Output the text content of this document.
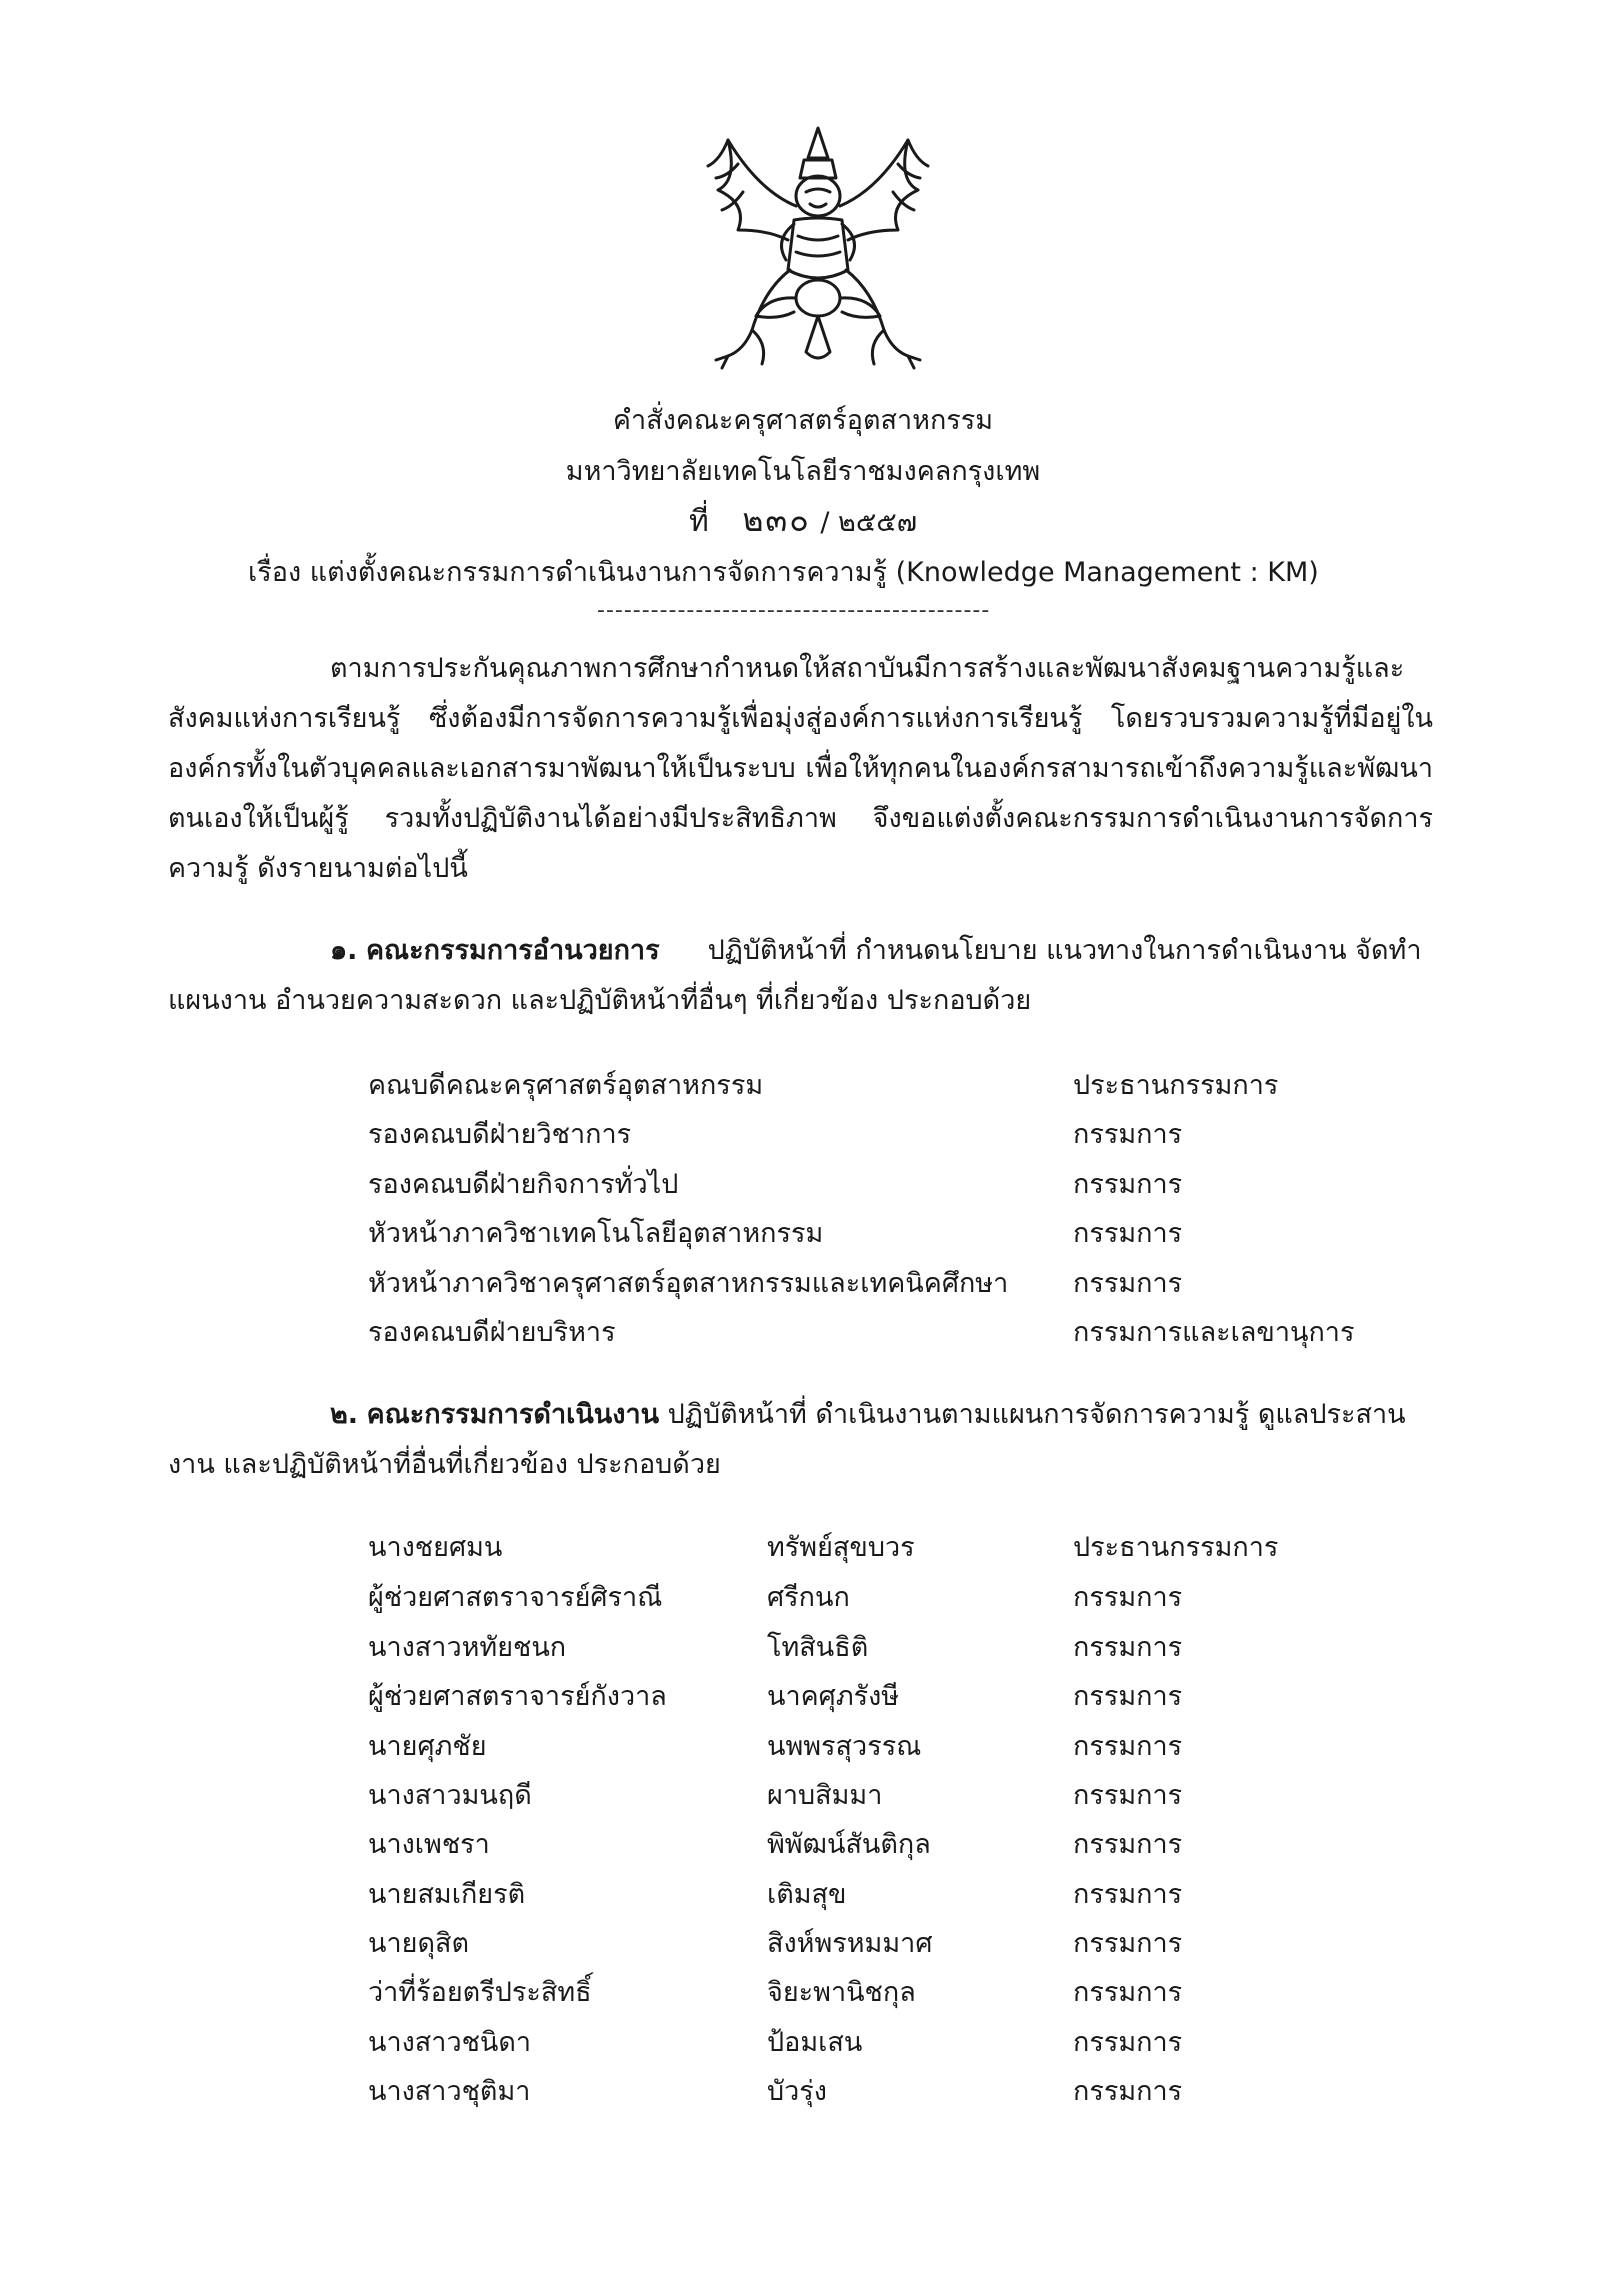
คำสั่งคณะครุศาสตร์อุตสาหกรรม
มหาวิทยาลัยเทคโนโลยีราชมงคลกรุงเทพ
ที่ ๒๓๐ / ๒๕๕๗
เรื่อง แต่งตั้งคณะกรรมการดำเนินงานการจัดการความรู้ (Knowledge Management : KM)
--------------------------------------------
ตามการประกันคุณภาพการศึกษากำหนดให้สถาบันมีการสร้างและพัฒนาสังคมฐานความรู้และสังคมแห่งการเรียนรู้ ซึ่งต้องมีการจัดการความรู้เพื่อมุ่งสู่องค์การแห่งการเรียนรู้ โดยรวบรวมความรู้ที่มีอยู่ในองค์กรทั้งในตัวบุคคลและเอกสารมาพัฒนาให้เป็นระบบ เพื่อให้ทุกคนในองค์กรสามารถเข้าถึงความรู้และพัฒนาตนเองให้เป็นผู้รู้ รวมทั้งปฏิบัติงานได้อย่างมีประสิทธิภาพ จึงขอแต่งตั้งคณะกรรมการดำเนินงานการจัดการความรู้ ดังรายนามต่อไปนี้
๑. คณะกรรมการอำนวยการ ปฏิบัติหน้าที่ กำหนดนโยบาย แนวทางในการดำเนินงาน จัดทำแผนงาน อำนวยความสะดวก และปฏิบัติหน้าที่อื่นๆ ที่เกี่ยวข้อง ประกอบด้วย
คณบดีคณะครุศาสตร์อุตสาหกรรม	ประธานกรรมการ
รองคณบดีฝ่ายวิชาการ	กรรมการ
รองคณบดีฝ่ายกิจการทั่วไป	กรรมการ
หัวหน้าภาควิชาเทคโนโลยีอุตสาหกรรม	กรรมการ
หัวหน้าภาควิชาครุศาสตร์อุตสาหกรรมและเทคนิคศึกษา กรรมการ
รองคณบดีฝ่ายบริหาร	กรรมการและเลขานุการ
๒. คณะกรรมการดำเนินงาน ปฏิบัติหน้าที่ ดำเนินงานตามแผนการจัดการความรู้ ดูแลประสานงาน และปฏิบัติหน้าที่อื่นที่เกี่ยวข้อง ประกอบด้วย
นางชยศมน	ทรัพย์สุขบวร	ประธานกรรมการ
ผู้ช่วยศาสตราจารย์ศิราณี	ศรีกนก	กรรมการ
นางสาวหทัยชนก	โทสินธิติ	กรรมการ
ผู้ช่วยศาสตราจารย์กังวาล	นาคศุภรังษี	กรรมการ
นายศุภชัย	นพพรสุวรรณ	กรรมการ
นางสาวมนฤดี	ผาบสิมมา	กรรมการ
นางเพชรา	พิพัฒน์สันติกุล	กรรมการ
นายสมเกียรติ	เติมสุข	กรรมการ
นายดุสิต	สิงห์พรหมมาศ	กรรมการ
ว่าที่ร้อยตรีประสิทธิ์	จิยะพานิชกุล	กรรมการ
นางสาวชนิดา	ป้อมเสน	กรรมการ
นางสาวชุติมา	บัวรุ่ง	กรรมการ
